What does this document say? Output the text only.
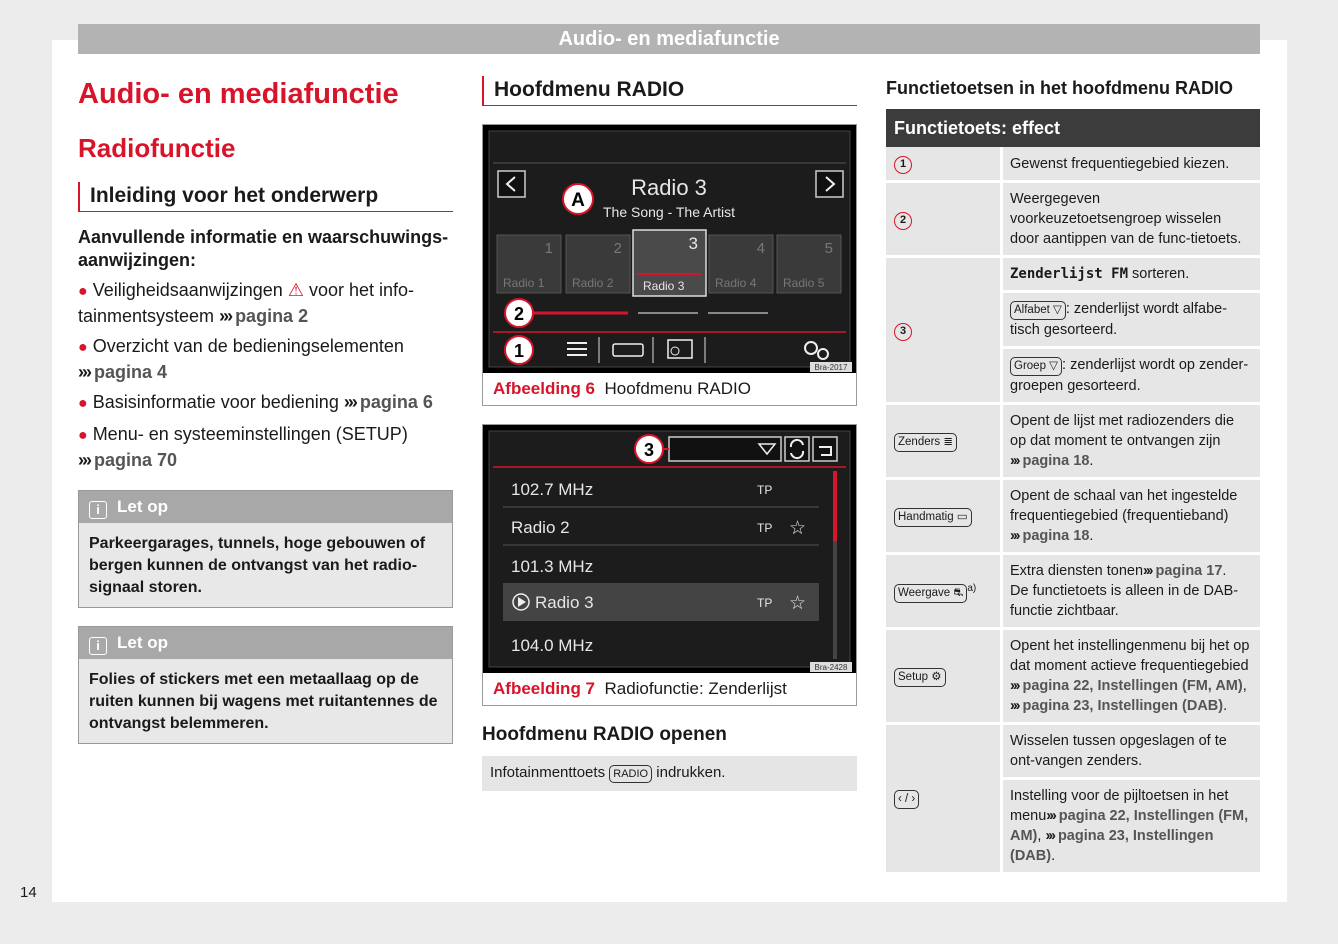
Audio- en mediafunctie
14
Audio- en mediafunctie
Radiofunctie
Inleiding voor het onderwerp
Aanvullende informatie en waarschuwings-aanwijzingen:
● Veiligheidsaanwijzingen ⚠ voor het info-tainmentsysteem ››› pagina 2
● Overzicht van de bedieningselementen
››› pagina 4
● Basisinformatie voor bediening ››› pagina 6
● Menu- en systeeminstellingen (SETUP)
››› pagina 70
i Let op
Parkeergarages, tunnels, hoge gebouwen of bergen kunnen de ontvangst van het radio-signaal storen.
i Let op
Folies of stickers met een metaallaag op de ruiten kunnen bij wagens met ruitantennes de ontvangst belemmeren.
Hoofdmenu RADIO
A
Radio 3
The Song - The Artist
1
Radio 1
2
Radio 2
3
Radio 3
4
Radio 4
5
Radio 5
2
1
Bra-2017
Afbeelding 6 Hoofdmenu RADIO
3
102.7 MHz	TP
Radio 2	TP ☆
101.3 MHz
Radio 3	TP ☆
104.0 MHz
Bra-2428
Afbeelding 7 Radiofunctie: Zenderlijst
Hoofdmenu RADIO openen
Infotainmenttoets RADIO indrukken.
Functietoetsen in het hoofdmenu RADIO
Functietoets: effect	
1	Gewenst frequentiegebied kiezen.
2	Weergegeven voorkeuzetoetsengroep wisselen door aantippen van de func-tietoets.
3	Zenderlijst FM sorteren.
	Alfabet ▽ : zenderlijst wordt alfabe-tisch gesorteerd.
	Groep ▽ : zenderlijst wordt op zender-groepen gesorteerd.
Zenders ≣	Opent de lijst met radiozenders die op dat moment te ontvangen zijn ››› pagina 18.
Handmatig ▭	Opent de schaal van het ingestelde frequentiegebied (frequentieband) ››› pagina 18.
Weergave ⛐ $^{a)}$	Extra diensten tonen››› pagina 17.
De functietoets is alleen in de DAB-functie zichtbaar.
Setup ⚙	Opent het instellingenmenu bij het op dat moment actieve frequentiegebied
››› pagina 22, Instellingen (FM, AM),
››› pagina 23, Instellingen (DAB).
‹ / ›	Wisselen tussen opgeslagen of te ont-vangen zenders.
	Instelling voor de pijltoetsen in het menu››› pagina 22, Instellingen (FM, AM), ››› pagina 23, Instellingen (DAB).
